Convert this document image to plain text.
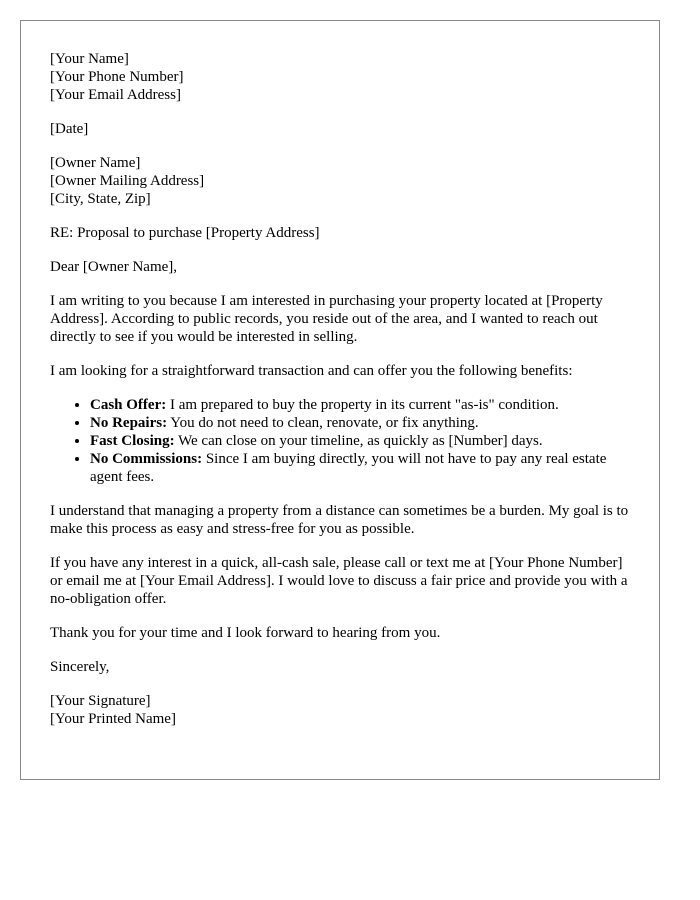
[Your Name]
[Your Phone Number]
[Your Email Address]
[Date]
[Owner Name]
[Owner Mailing Address]
[City, State, Zip]

RE: Proposal to purchase [Property Address]

Dear [Owner Name],

I am writing to you because I am interested in purchasing your property located at [Property Address]. According to public records, you reside out of the area, and I wanted to reach out directly to see if you would be interested in selling.

I am looking for a straightforward transaction and can offer you the following benefits:

• Cash Offer: I am prepared to buy the property in its current "as-is" condition.
• No Repairs: You do not need to clean, renovate, or fix anything.
• Fast Closing: We can close on your timeline, as quickly as [Number] days.
• No Commissions: Since I am buying directly, you will not have to pay any real estate agent fees.

I understand that managing a property from a distance can sometimes be a burden. My goal is to make this process as easy and stress-free for you as possible.

If you have any interest in a quick, all-cash sale, please call or text me at [Your Phone Number] or email me at [Your Email Address]. I would love to discuss a fair price and provide you with a no-obligation offer.

Thank you for your time and I look forward to hearing from you.

Sincerely,

[Your Signature]
[Your Printed Name]
